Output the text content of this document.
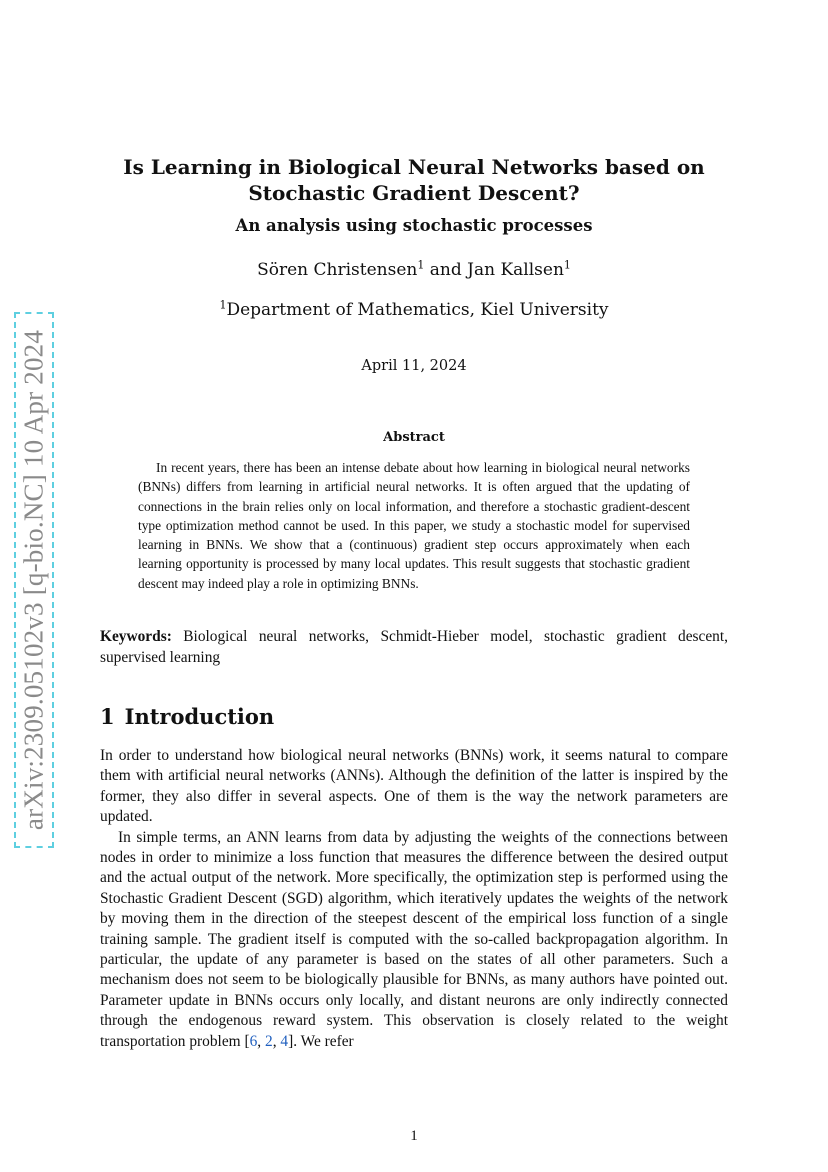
arXiv:2309.05102v3 [q-bio.NC] 10 Apr 2024
Is Learning in Biological Neural Networks based on
Stochastic Gradient Descent?
An analysis using stochastic processes
Sören Christensen$^1$ and Jan Kallsen$^1$
$^1$Department of Mathematics, Kiel University
April 11, 2024
Abstract
In recent years, there has been an intense debate about how learning in biological neural networks (BNNs) differs from learning in artificial neural networks. It is often argued that the updating of connections in the brain relies only on local information, and therefore a stochastic gradient-descent type optimization method cannot be used. In this paper, we study a stochastic model for supervised learning in BNNs. We show that a (continuous) gradient step occurs approximately when each learning opportunity is processed by many local updates. This result suggests that stochastic gradient descent may indeed play a role in optimizing BNNs.
Keywords: Biological neural networks, Schmidt-Hieber model, stochastic gradient descent, supervised learning
1 Introduction

In order to understand how biological neural networks (BNNs) work, it seems natural to compare them with artificial neural networks (ANNs). Although the definition of the latter is inspired by the former, they also differ in several aspects. One of them is the way the network parameters are updated.

In simple terms, an ANN learns from data by adjusting the weights of the connections between nodes in order to minimize a loss function that measures the difference between the desired output and the actual output of the network. More specifically, the optimization step is performed using the Stochastic Gradient Descent (SGD) algorithm, which iteratively updates the weights of the network by moving them in the direction of the steepest descent of the empirical loss function of a single training sample. The gradient itself is computed with the so-called backpropagation algorithm. In particular, the update of any parameter is based on the states of all other parameters. Such a mechanism does not seem to be biologically plausible for BNNs, as many authors have pointed out. Parameter update in BNNs occurs only locally, and distant neurons are only indirectly connected through the endogenous reward system. This observation is closely related to the weight transportation problem [6, 2, 4]. We refer

1
